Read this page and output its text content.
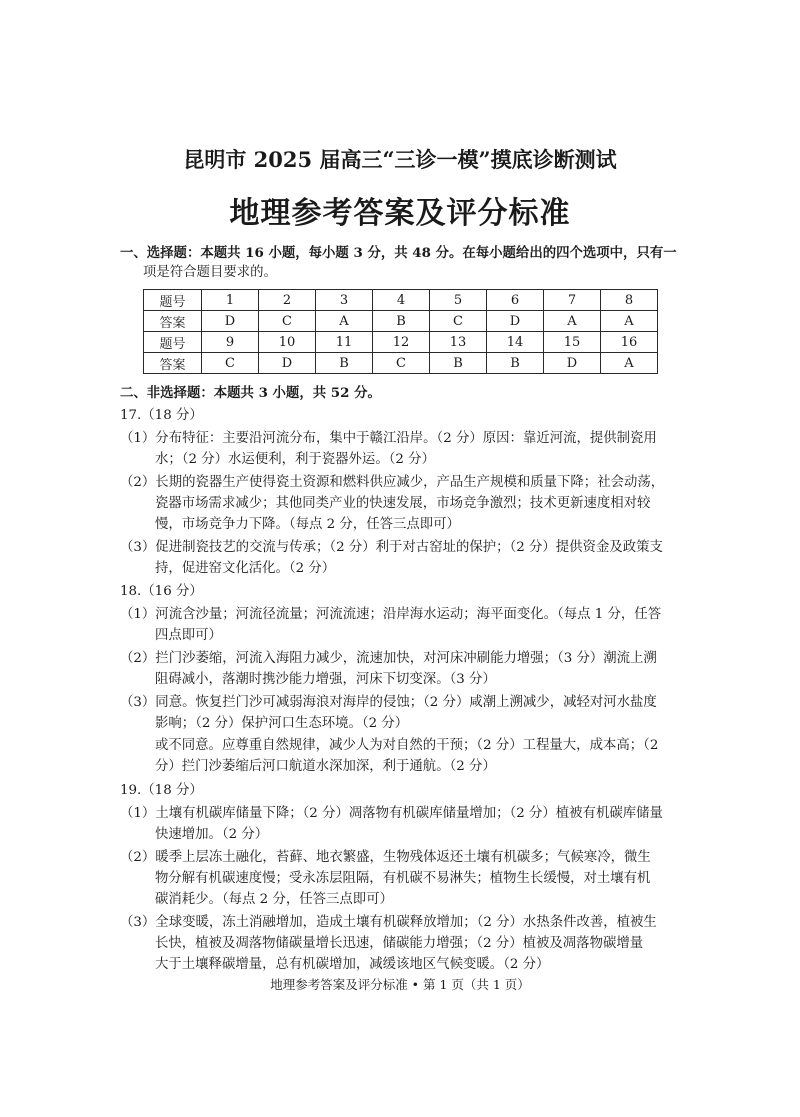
昆明市 2025 届高三“三诊一模”摸底诊断测试
地理参考答案及评分标准
一、选择题：本题共 16 小题，每小题 3 分，共 48 分。在每小题给出的四个选项中，只有一
项是符合题目要求的。
题号	1	2	3	4	5	6	7	8
答案	D	C	A	B	C	D	A	A
题号	9	10	11	12	13	14	15	16
答案	C	D	B	C	B	B	D	A
二、非选择题：本题共 3 小题，共 52 分。
17.（18 分）
（1）分布特征：主要沿河流分布，集中于赣江沿岸。（2 分）原因：靠近河流，提供制瓷用
水；（2 分）水运便利，利于瓷器外运。（2 分）
（2）长期的瓷器生产使得瓷土资源和燃料供应减少，产品生产规模和质量下降；社会动荡，
瓷器市场需求减少；其他同类产业的快速发展，市场竞争激烈；技术更新速度相对较
慢，市场竞争力下降。（每点 2 分，任答三点即可）
（3）促进制瓷技艺的交流与传承；（2 分）利于对古窑址的保护；（2 分）提供资金及政策支
持，促进窑文化活化。（2 分）
18.（16 分）
（1）河流含沙量；河流径流量；河流流速；沿岸海水运动；海平面变化。（每点 1 分，任答
四点即可）
（2）拦门沙萎缩，河流入海阻力减少，流速加快，对河床冲刷能力增强；（3 分）潮流上溯
阻碍减小，落潮时携沙能力增强，河床下切变深。（3 分）
（3）同意。恢复拦门沙可减弱海浪对海岸的侵蚀；（2 分）咸潮上溯减少，减轻对河水盐度
影响；（2 分）保护河口生态环境。（2 分）
或不同意。应尊重自然规律，减少人为对自然的干预；（2 分）工程量大，成本高；（2
分）拦门沙萎缩后河口航道水深加深，利于通航。（2 分）
19.（18 分）
（1）土壤有机碳库储量下降；（2 分）凋落物有机碳库储量增加；（2 分）植被有机碳库储量
快速增加。（2 分）
（2）暖季上层冻土融化，苔藓、地衣繁盛，生物残体返还土壤有机碳多；气候寒冷，微生
物分解有机碳速度慢；受永冻层阻隔，有机碳不易淋失；植物生长缓慢，对土壤有机
碳消耗少。（每点 2 分，任答三点即可）
（3）全球变暖，冻土消融增加，造成土壤有机碳释放增加；（2 分）水热条件改善，植被生
长快，植被及凋落物储碳量增长迅速，储碳能力增强；（2 分）植被及凋落物碳增量
大于土壤释碳增量，总有机碳增加，减缓该地区气候变暖。（2 分）
地理参考答案及评分标准 • 第 1 页（共 1 页）
